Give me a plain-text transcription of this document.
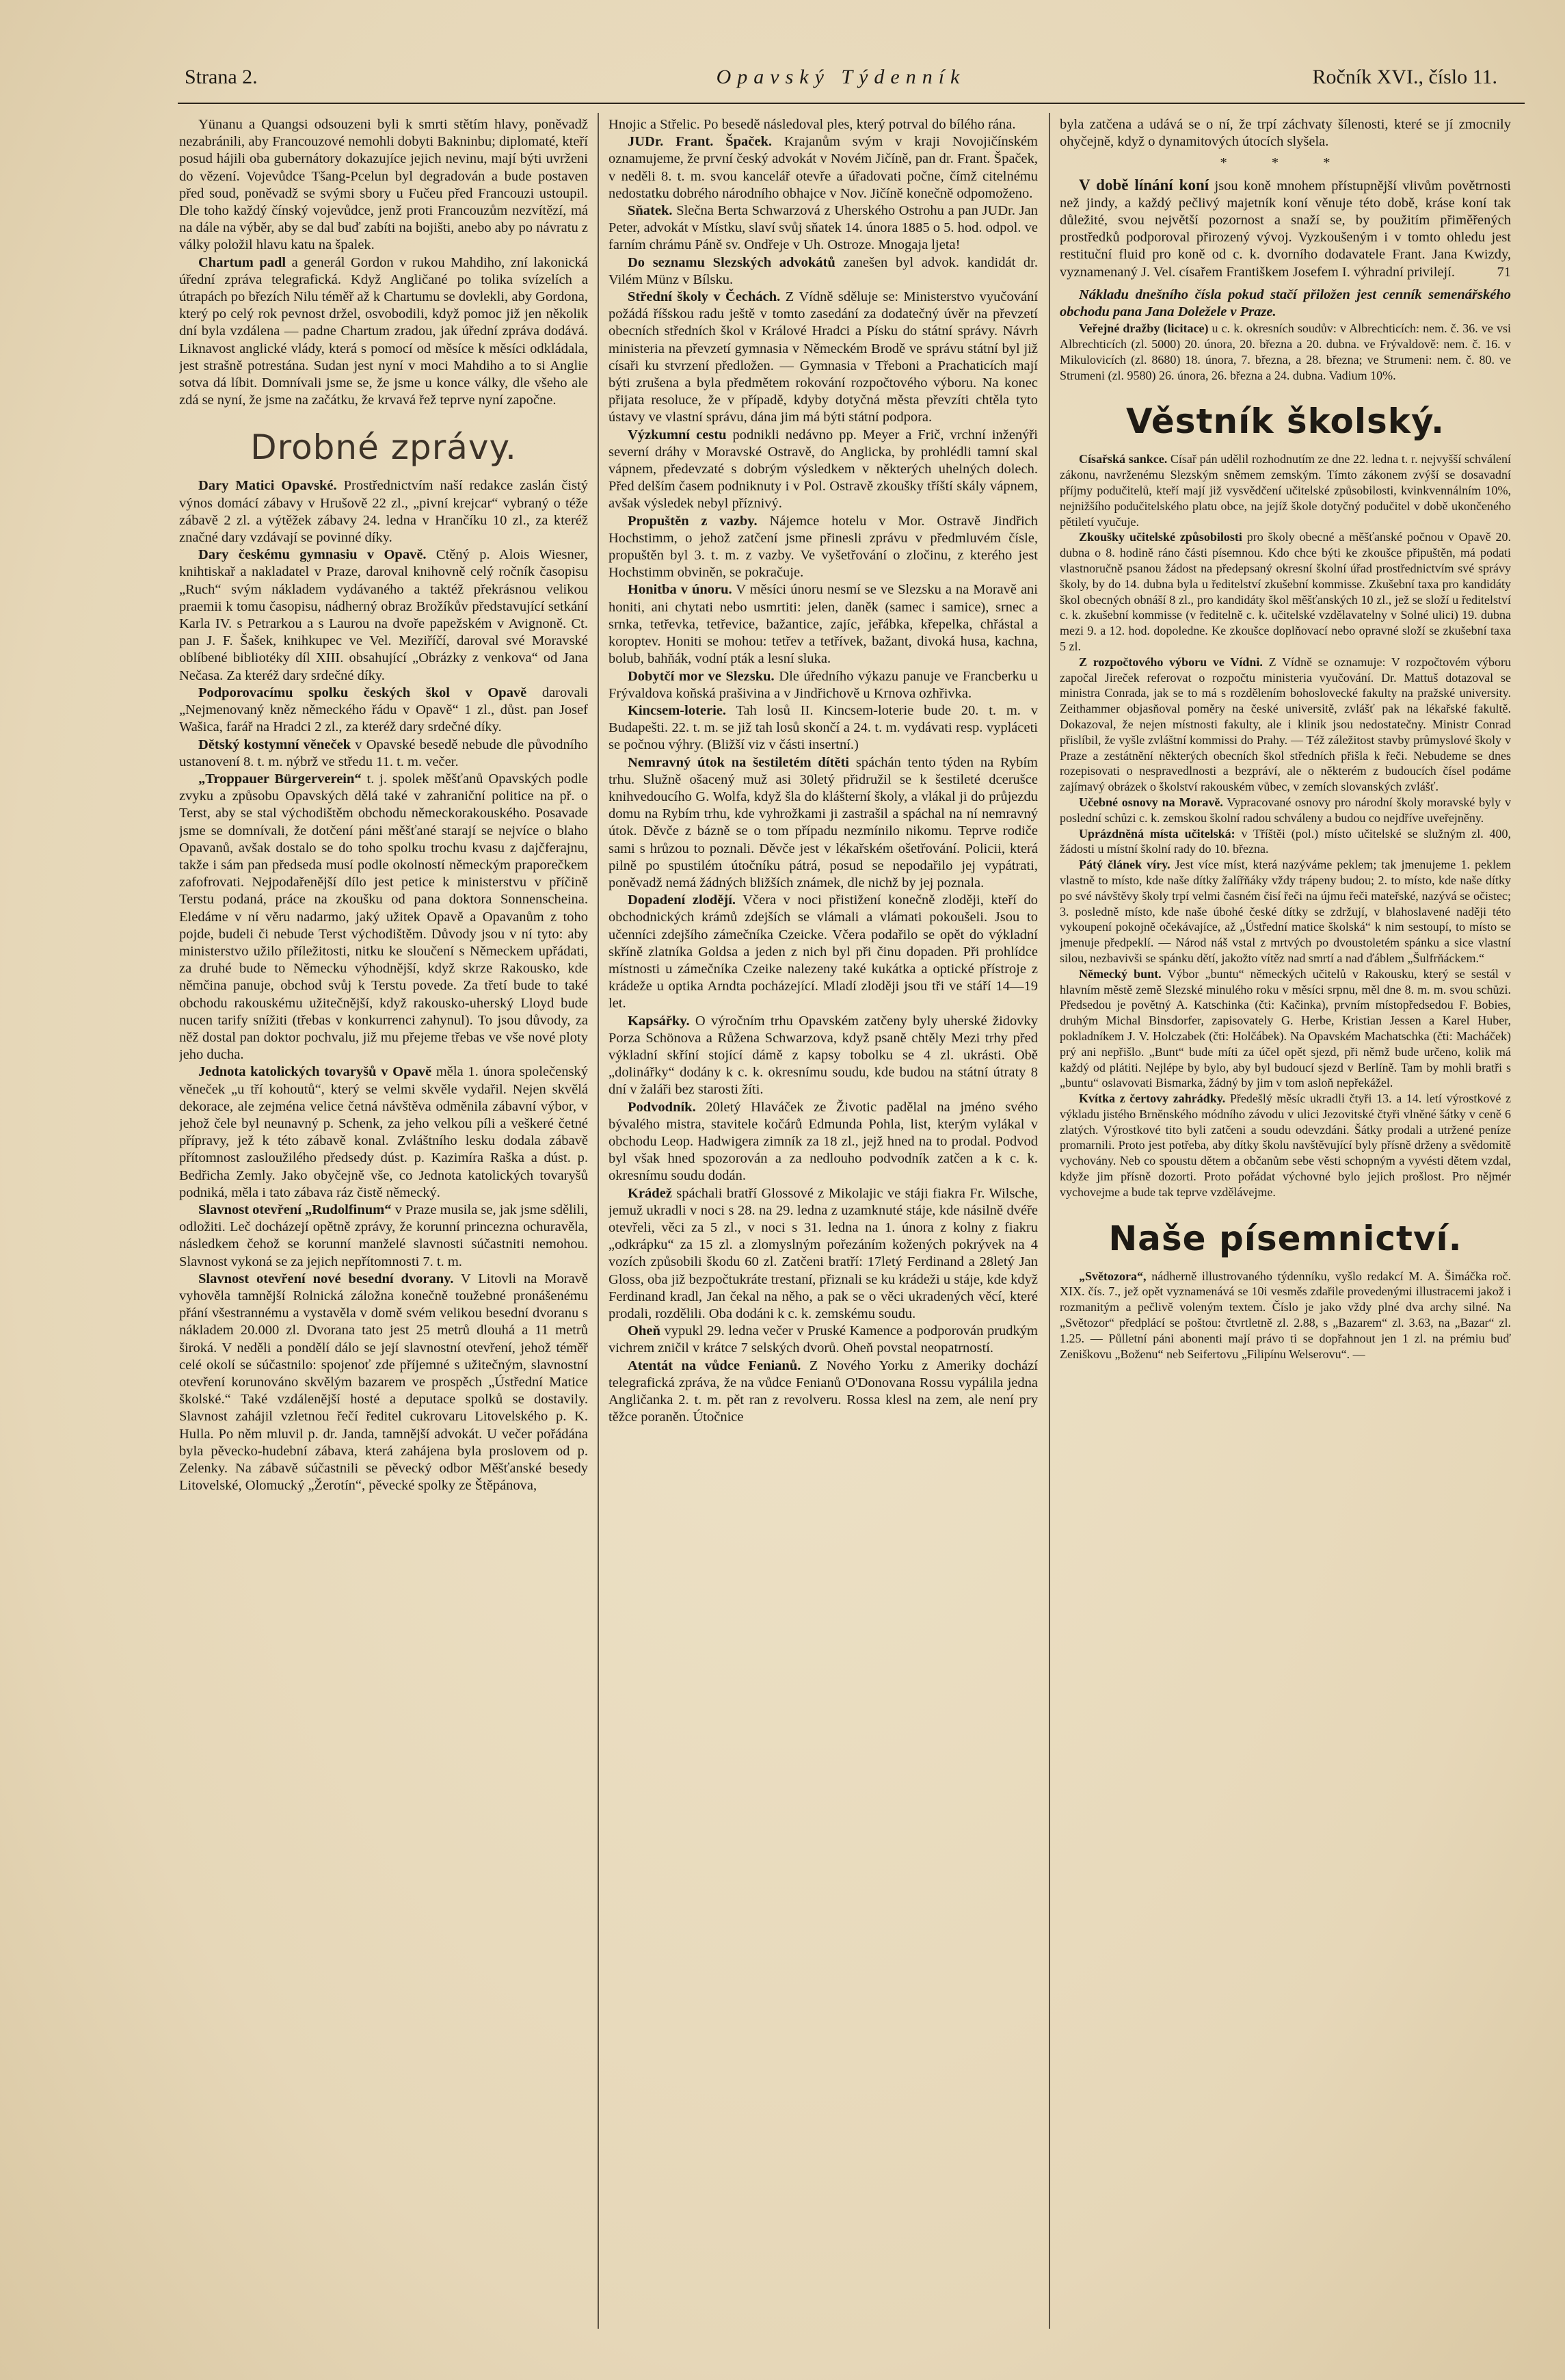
Strana 2.	Opavský Týdenník	Ročník XVI., číslo 11.

Yünanu a Quangsi odsouzeni byli k smrti stětím hlavy, poněvadž nezabránili, aby Francouzové nemohli dobyti Bakninbu; diplomaté, kteří posud hájili oba gubernátory dokazujíce jejich nevinu, mají býti uvrženi do vězení. Vojevůdce Tšang-Pcelun byl degradován a bude postaven před soud, poněvadž se svými sbory u Fučeu před Francouzi ustoupil. Dle toho každý čínský vojevůdce, jenž proti Francouzům nezvítězí, má na dále na výběr, aby se dal buď zabíti na bojišti, anebo aby po návratu z války položil hlavu katu na špalek.

Chartum padl a generál Gordon v rukou Mahdiho, zní lakonická úřední zpráva telegrafická. Když Angličané po tolika svízelích a útrapách po březích Nilu téměř až k Chartumu se dovlekli, aby Gordona, který po celý rok pevnost držel, osvobodili, když pomoc již jen několik dní byla vzdálena — padne Chartum zradou, jak úřední zpráva dodává. Liknavost anglické vlády, která s pomocí od měsíce k měsíci odkládala, jest strašně potrestána. Sudan jest nyní v moci Mahdiho a to si Anglie sotva dá líbit. Domnívali jsme se, že jsme u konce války, dle všeho ale zdá se nyní, že jsme na začátku, že krvavá řež teprve nyní započne.

Drobné zprávy.

Dary Matici Opavské. Prostřednictvím naší redakce zaslán čistý výnos domácí zábavy v Hrušově 22 zl., „pivní krejcar“ vybraný o téže zábavě 2 zl. a výtěžek zábavy 24. ledna v Hrančíku 10 zl., za kteréž značné dary vzdávají se povinné díky.

Dary českému gymnasiu v Opavě. Ctěný p. Alois Wiesner, knihtiskař a nakladatel v Praze, daroval knihovně celý ročník časopisu „Ruch“ svým nákladem vydávaného a taktéž překrásnou velikou praemii k tomu časopisu, nádherný obraz Brožíkův představující setkání Karla IV. s Petrarkou a s Laurou na dvoře papežském v Avignoně. Ct. pan J. F. Šašek, knihkupec ve Vel. Meziříčí, daroval své Moravské oblíbené bibliotéky díl XIII. obsahující „Obrázky z venkova“ od Jana Nečasa. Za kteréž dary srdečné díky.

Podporovacímu spolku českých škol v Opavě darovali „Nejmenovaný kněz německého řádu v Opavě“ 1 zl., důst. pan Josef Wašica, farář na Hradci 2 zl., za kteréž dary srdečné díky.

Dětský kostymní věneček v Opavské besedě nebude dle původního ustanovení 8. t. m. nýbrž ve středu 11. t. m. večer.

„Troppauer Bürgerverein“ t. j. spolek měšťanů Opavských podle zvyku a způsobu Opavských dělá také v zahraniční politice na př. o Terst, aby se stal východištěm obchodu německorakouského. Posavade jsme se domnívali, že dotčení páni měšťané starají se nejvíce o blaho Opavanů, avšak dostalo se do toho spolku trochu kvasu z dajčferajnu, takže i sám pan předseda musí podle okolností německým praporečkem zafofrovati. Nejpodařenější dílo jest petice k ministerstvu v příčině Terstu podaná, práce na zkoušku od pana doktora Sonnenscheina. Eledáme v ní věru nadarmo, jaký užitek Opavě a Opavanům z toho pojde, budeli či nebude Terst východištěm. Důvody jsou v ní tyto: aby ministerstvo užilo příležitosti, nitku ke sloučení s Německem upřádati, za druhé bude to Německu výhodnější, když skrze Rakousko, kde němčina panuje, obchod svůj k Terstu povede. Za třetí bude to také obchodu rakouskému užitečnější, když rakousko-uherský Lloyd bude nucen tarify snížiti (třebas v konkurrenci zahynul). To jsou důvody, za něž dostal pan doktor pochvalu, již mu přejeme třebas ve vše nové ploty jeho ducha.

Jednota katolických tovaryšů v Opavě měla 1. února společenský věneček „u tří kohoutů“, který se velmi skvěle vydařil. Nejen skvělá dekorace, ale zejména velice četná návštěva odměnila zábavní výbor, v jehož čele byl neunavný p. Schenk, za jeho velkou píli a veškeré četné přípravy, jež k této zábavě konal. Zvláštního lesku dodala zábavě přítomnost zasloužilého předsedy dúst. p. Kazimíra Raška a dúst. p. Bedřicha Zemly. Jako obyčejně vše, co Jednota katolických tovaryšů podniká, měla i tato zábava ráz čistě německý.

Slavnost otevření „Rudolfinum“ v Praze musila se, jak jsme sdělili, odložiti. Leč docházejí opětně zprávy, že korunní princezna ochuravěla, následkem čehož se korunní manželé slavnosti súčastniti nemohou. Slavnost vykoná se za jejich nepřítomnosti 7. t. m.

Slavnost otevření nové besední dvorany. V Litovli na Moravě vyhověla tamnější Rolnická záložna konečně toužebné pronášenému přání všestrannému a vystavěla v domě svém velikou besední dvoranu s nákladem 20.000 zl. Dvorana tato jest 25 metrů dlouhá a 11 metrů široká. V neděli a pondělí dálo se její slavnostní otevření, jehož téměř celé okolí se súčastnilo: spojenoť zde příjemné s užitečným, slavnostní otevření korunováno skvělým bazarem ve prospěch „Ústřední Matice školské.“ Také vzdálenější hosté a deputace spolků se dostavily. Slavnost zahájil vzletnou řečí ředitel cukrovaru Litovelského p. K. Hulla. Po něm mluvil p. dr. Janda, tamnější advokát. U večer pořádána byla pěvecko-hudební zábava, která zahájena byla proslovem od p. Zelenky. Na zábavě súčastnili se pěvecký odbor Měšťanské besedy Litovelské, Olomucký „Žerotín“, pěvecké spolky ze Štěpánova,

Hnojic a Střelic. Po besedě následoval ples, který potrval do bílého rána.

JUDr. Frant. Špaček. Krajanům svým v kraji Novojičínském oznamujeme, že první český advokát v Novém Jičíně, pan dr. Frant. Špaček, v neděli 8. t. m. svou kancelář otevře a úřadovati počne, čímž citelnému nedostatku dobrého národního obhajce v Nov. Jičíně konečně odpomoženo.

Sňatek. Slečna Berta Schwarzová z Uherského Ostrohu a pan JUDr. Jan Peter, advokát v Místku, slaví svůj sňatek 14. února 1885 o 5. hod. odpol. ve farním chrámu Páně sv. Ondřeje v Uh. Ostroze. Mnogaja ljeta!

Do seznamu Slezských advokátů zanešen byl advok. kandidát dr. Vilém Münz v Bílsku.

Střední školy v Čechách. Z Vídně sděluje se: Ministerstvo vyučování požádá říšskou radu ještě v tomto zasedání za dodatečný úvěr na převzetí obecních středních škol v Králové Hradci a Písku do státní správy. Návrh ministeria na převzetí gymnasia v Německém Brodě ve správu státní byl již císaři ku stvrzení předložen. — Gymnasia v Třeboni a Prachaticích mají býti zrušena a byla předmětem rokování rozpočtového výboru. Na konec přijata resoluce, že v případě, kdyby dotyčná města převzíti chtěla tyto ústavy ve vlastní správu, dána jim má býti státní podpora.

Výzkumní cestu podnikli nedávno pp. Meyer a Frič, vrchní inženýři severní dráhy v Moravské Ostravě, do Anglicka, by prohlédli tamní skal vápnem, předevzaté s dobrým výsledkem v některých uhelných dolech. Před delším časem podniknuty i v Pol. Ostravě zkoušky tříští skály vápnem, avšak výsledek nebyl příznivý.

Propuštěn z vazby. Nájemce hotelu v Mor. Ostravě Jindřich Hochstimm, o jehož zatčení jsme přinesli zprávu v předmluvém čísle, propuštěn byl 3. t. m. z vazby. Ve vyšetřování o zločinu, z kterého jest Hochstimm obviněn, se pokračuje.

Honitba v únoru. V měsíci únoru nesmí se ve Slezsku a na Moravě ani honiti, ani chytati nebo usmrtiti: jelen, daněk (samec i samice), srnec a srnka, tetřevka, tetřevice, bažantice, zajíc, jeřábka, křepelka, chřástal a koroptev. Honiti se mohou: tetřev a tetřívek, bažant, divoká husa, kachna, bolub, bahňák, vodní pták a lesní sluka.

Dobytčí mor ve Slezsku. Dle úředního výkazu panuje ve Francberku u Frývaldova koňská prašivina a v Jindřichově u Krnova ozhřivka.

Kincsem-loterie. Tah losů II. Kincsem-loterie bude 20. t. m. v Budapešti. 22. t. m. se již tah losů skončí a 24. t. m. vydávati resp. vypláceti se počnou výhry. (Bližší viz v části insertní.)

Nemravný útok na šestiletém dítěti spáchán tento týden na Rybím trhu. Služně ošacený muž asi 30letý přidružil se k šestileté dcerušce knihvedoucího G. Wolfa, když šla do klášterní školy, a vlákal ji do průjezdu domu na Rybím trhu, kde vyhrožkami ji zastrašil a spáchal na ní nemravný útok. Děvče z bázně se o tom případu nezmínilo nikomu. Teprve rodiče sami s hrůzou to poznali. Děvče jest v lékařském ošetřování. Policii, která pilně po spustilém útočníku pátrá, posud se nepodařilo jej vypátrati, poněvadž nemá žádných bližších známek, dle nichž by jej poznala.

Dopadení zlodějí. Včera v noci přistižení konečně zloději, kteří do obchodnických krámů zdejších se vlámali a vlámati pokoušeli. Jsou to učenníci zdejšího zámečníka Czeicke. Včera podařilo se opět do výkladní skříně zlatníka Goldsa a jeden z nich byl při činu dopaden. Při prohlídce místnosti u zámečníka Czeike nalezeny také kukátka a optické přístroje z krádeže u optika Arndta pocházející. Mladí zloději jsou tři ve stáří 14—19 let.

Kapsářky. O výročním trhu Opavském zatčeny byly uherské židovky Porza Schönova a Růžena Schwarzova, když psaně chtěly Mezi trhy před výkladní skříní stojící dámě z kapsy tobolku se 4 zl. ukrásti. Obě „dolinářky“ dodány k c. k. okresnímu soudu, kde budou na státní útraty 8 dní v žaláři bez starosti žíti.

Podvodník. 20letý Hlaváček ze Životic padělal na jméno svého bývalého mistra, stavitele kočárů Edmunda Pohla, list, kterým vylákal v obchodu Leop. Hadwigera zimník za 18 zl., jejž hned na to prodal. Podvod byl však hned spozorován a za nedlouho podvodník zatčen a k c. k. okresnímu soudu dodán.

Krádež spáchali bratří Glossové z Mikolajic ve stáji fiakra Fr. Wilsche, jemuž ukradli v noci s 28. na 29. ledna z uzamknuté stáje, kde násilně dvéře otevřeli, věci za 5 zl., v noci s 31. ledna na 1. února z kolny z fiakru „odkrápku“ za 15 zl. a zlomyslným pořezáním kožených pokrývek na 4 vozích způsobili škodu 60 zl. Zatčeni bratří: 17letý Ferdinand a 28letý Jan Gloss, oba již bezpočtukráte trestaní, přiznali se ku krádeži u stáje, kde když Ferdinand kradl, Jan čekal na něho, a pak se o věci ukradených věcí, které prodali, rozdělili. Oba dodáni k c. k. zemskému soudu.

Oheň vypukl 29. ledna večer v Pruské Kamence a podporován prudkým vichrem zničil v krátce 7 selských dvorů. Oheň povstal neopatrností.

Atentát na vůdce Fenianů. Z Nového Yorku z Ameriky dochází telegrafická zpráva, že na vůdce Fenianů O'Donovana Rossu vypálila jedna Angličanka 2. t. m. pět ran z revolveru. Rossa klesl na zem, ale není pry těžce poraněn. Útočnice

byla zatčena a udává se o ní, že trpí záchvaty šílenosti, které se jí zmocnily ohyčejně, když o dynamitových útocích slyšela.

* * *

V době línání koní jsou koně mnohem přístupnější vlivům povětrnosti než jindy, a každý pečlivý majetník koní věnuje této době, kráse koní tak důležité, svou největší pozornost a snaží se, by použitím přiměřených prostředků podporoval přirozený vývoj. Vyzkoušeným i v tomto ohledu jest restituční fluid pro koně od c. k. dvorního dodavatele Frant. Jana Kwizdy, vyznamenaný J. Vel. císařem Františkem Josefem I. výhradní privilejí.	71

Nákladu dnešního čísla pokud stačí přiložen jest cenník semenářského obchodu pana Jana Doležele v Praze.

Veřejné dražby (licitace) u c. k. okresních soudův: v Albrechticích: nem. č. 36. ve vsi Albrechticích (zl. 5000) 20. února, 20. března a 20. dubna. ve Frývaldově: nem. č. 16. v Mikulovicích (zl. 8680) 18. února, 7. března, a 28. března; ve Strumeni: nem. č. 80. ve Strumeni (zl. 9580) 26. února, 26. března a 24. dubna. Vadium 10%.

Věstník školský.

Císařská sankce. Císař pán udělil rozhodnutím ze dne 22. ledna t. r. nejvyšší schválení zákonu, navrženému Slezským sněmem zemským. Tímto zákonem zvýší se dosavadní příjmy podučitelů, kteří mají již vysvědčení učitelské způsobilosti, kvinkvennálním 10%, nejnižšího podučitelského platu obce, na jejíž škole dotyčný podučitel v době ukončeného pětiletí vyučuje.

Zkoušky učitelské způsobilosti pro školy obecné a měšťanské počnou v Opavě 20. dubna o 8. hodině ráno části písemnou. Kdo chce býti ke zkoušce připuštěn, má podati vlastnoručně psanou žádost na předepsaný okresní školní úřad prostřednictvím své správy školy, by do 14. dubna byla u ředitelství zkušební kommisse. Zkušební taxa pro kandidáty škol obecných obnáší 8 zl., pro kandidáty škol měšťanských 10 zl., jež se složí u ředitelství c. k. zkušební kommisse (v ředitelně c. k. učitelské vzdělavatelny v Solné ulici) 19. dubna mezi 9. a 12. hod. dopoledne. Ke zkoušce doplňovací nebo opravné složí se zkušební taxa 5 zl.

Z rozpočtového výboru ve Vídni. Z Vídně se oznamuje: V rozpočtovém výboru započal Jireček referovat o rozpočtu ministeria vyučování. Dr. Mattuš dotazoval se ministra Conrada, jak se to má s rozdělením bohoslovecké fakulty na pražské university. Zeithammer objasňoval poměry na české universitě, zvlášť pak na lékařské fakultě. Dokazoval, že nejen místnosti fakulty, ale i klinik jsou nedostatečny. Ministr Conrad přislíbil, že vyšle zvláštní kommissi do Prahy. — Též záležitost stavby průmyslové školy v Praze a zestátnění některých obecních škol středních přišla k řeči. Nebudeme se dnes rozepisovati o nespravedlnosti a bezpráví, ale o některém z budoucích čísel podáme zajímavý obrázek o školství rakouském vůbec, v zemích slovanských zvlášť.

Učebné osnovy na Moravě. Vypracované osnovy pro národní školy moravské byly v poslední schůzi c. k. zemskou školní radou schváleny a budou co nejdříve uveřejněny.

Uprázdněná místa učitelská: v Tříštěi (pol.) místo učitelské se služným zl. 400, žádosti u místní školní rady do 10. března.

Pátý článek víry. Jest více míst, která nazýváme peklem; tak jmenujeme 1. peklem vlastně to místo, kde naše dítky žalířňáky vždy trápeny budou; 2. to místo, kde naše dítky po své návštěvy školy trpí velmi časném čisí řeči na újmu řeči mateřské, nazývá se očistec; 3. posledně místo, kde naše úbohé české dítky se zdržují, v blahoslavené naději této vykoupení pokojně očekávajíce, až „Ústřední matice školská“ k nim sestoupí, to místo se jmenuje předpeklí. — Národ náš vstal z mrtvých po dvoustoletém spánku a sice vlastní silou, nezbavivši se spánku dětí, jakožto vítěz nad smrtí a nad ďáblem „Šulfrňáckem.“

Německý bunt. Výbor „buntu“ německých učitelů v Rakousku, který se sestál v hlavním městě země Slezské minulého roku v měsíci srpnu, měl dne 8. m. m. svou schůzi. Předsedou je povětný A. Katschinka (čti: Kačinka), prvním místopředsedou F. Bobies, druhým Michal Binsdorfer, zapisovately G. Herbe, Kristian Jessen a Karel Huber, pokladníkem J. V. Holczabek (čti: Holčábek). Na Opavském Machatschka (čti: Macháček) prý ani nepřišlo. „Bunt“ bude míti za účel opět sjezd, při němž bude určeno, kolik má každý od plátiti. Nejlépe by bylo, aby byl budoucí sjezd v Berlíně. Tam by mohli bratři s „buntu“ oslavovati Bismarka, žádný by jim v tom asloň nepřekážel.

Kvítka z čertovy zahrádky. Předešlý měsíc ukradli čtyři 13. a 14. letí výrostkové z výkladu jistého Brněnského módního závodu v ulici Jezovitské čtyři vlněné šátky v ceně 6 zlatých. Výrostkové tito byli zatčeni a soudu odevzdáni. Šátky prodali a utržené peníze promarnili. Proto jest potřeba, aby dítky školu navštěvující byly přísně drženy a svědomitě vychovány. Neb co spoustu dětem a občanům sebe věsti schopným a vyvésti dětem vzdal, kdyže jim přísně dozorti. Proto pořádat výchovné bylo jejich prošlost. Pro nějmér vychovejme a bude tak teprve vzdělávejme.

Naše písemnictví.

„Světozora“, nádherně illustrovaného týdenníku, vyšlo redakcí M. A. Šimáčka roč. XIX. čís. 7., jež opět vyznamenává se 10i vesměs zdařile provedenými illustracemi jakož i rozmanitým a pečlivě voleným textem. Číslo je jako vždy plné dva archy silné. Na „Světozor“ předplácí se poštou: čtvrtletně zl. 2.88, s „Bazarem“ zl. 3.63, na „Bazar“ zl. 1.25. — Půlletní páni abonenti mají právo ti se dopřahnout jen 1 zl. na prémiu buď Zeniškovu „Boženu“ neb Seifertovu „Filipínu Welserovu“. —
